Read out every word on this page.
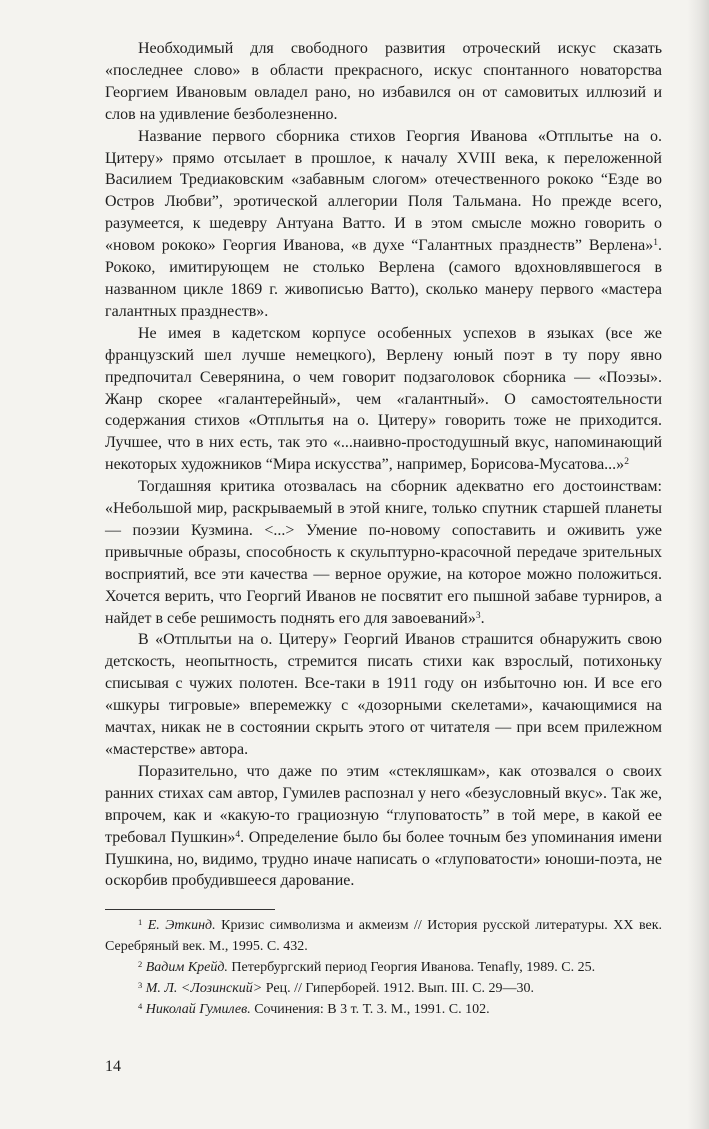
Необходимый для свободного развития отроческий искус сказать «последнее слово» в области прекрасного, искус спонтанного новаторства Георгием Ивановым овладел рано, но избавился он от самовитых иллюзий и слов на удивление безболезненно.

Название первого сборника стихов Георгия Иванова «Отплытье на о. Цитеру» прямо отсылает в прошлое, к началу XVIII века, к переложенной Василием Тредиаковским «забавным слогом» отечественного рококо “Езде во Остров Любви”, эротической аллегории Поля Тальмана. Но прежде всего, разумеется, к шедевру Антуана Ватто. И в этом смысле можно говорить о «новом рококо» Георгия Иванова, «в духе “Галантных празднеств” Верлена»$^1$. Рококо, имитирующем не столько Верлена (самого вдохновлявшегося в названном цикле 1869 г. живописью Ватто), сколько манеру первого «мастера галантных празднеств».

Не имея в кадетском корпусе особенных успехов в языках (все же французский шел лучше немецкого), Верлену юный поэт в ту пору явно предпочитал Северянина, о чем говорит подзаголовок сборника — «Поэзы». Жанр скорее «галантерейный», чем «галантный». О самостоятельности содержания стихов «Отплытья на о. Цитеру» говорить тоже не приходится. Лучшее, что в них есть, так это «...наивно-простодушный вкус, напоминающий некоторых художников “Мира искусства”, например, Борисова-Мусатова...»$^2$

Тогдашняя критика отозвалась на сборник адекватно его достоинствам: «Небольшой мир, раскрываемый в этой книге, только спутник старшей планеты — поэзии Кузмина. <...> Умение по-новому сопоставить и оживить уже привычные образы, способность к скульптурно-красочной передаче зрительных восприятий, все эти качества — верное оружие, на которое можно положиться. Хочется верить, что Георгий Иванов не посвятит его пышной забаве турниров, а найдет в себе решимость поднять его для завоеваний»$^3$.

В «Отплытьи на о. Цитеру» Георгий Иванов страшится обнаружить свою детскость, неопытность, стремится писать стихи как взрослый, потихоньку списывая с чужих полотен. Все-таки в 1911 году он избыточно юн. И все его «шкуры тигровые» вперемежку с «дозорными скелетами», качающимися на мачтах, никак не в состоянии скрыть этого от читателя — при всем прилежном «мастерстве» автора.

Поразительно, что даже по этим «стекляшкам», как отозвался о своих ранних стихах сам автор, Гумилев распознал у него «безусловный вкус». Так же, впрочем, как и «какую-то грациозную “глуповатость” в той мере, в какой ее требовал Пушкин»$^4$. Определение было бы более точным без упоминания имени Пушкина, но, видимо, трудно иначе написать о «глуповатости» юноши-поэта, не оскорбив пробудившееся дарование.

$^1$ Е. Эткинд. Кризис символизма и акмеизм // История русской литературы. XX век. Серебряный век. М., 1995. С. 432.

$^2$ Вадим Крейд. Петербургский период Георгия Иванова. Tenafly, 1989. С. 25.

$^3$ М. Л. <Лозинский> Рец. // Гиперборей. 1912. Вып. III. С. 29—30.

$^4$ Николай Гумилев. Сочинения: В 3 т. Т. 3. М., 1991. С. 102.

14
